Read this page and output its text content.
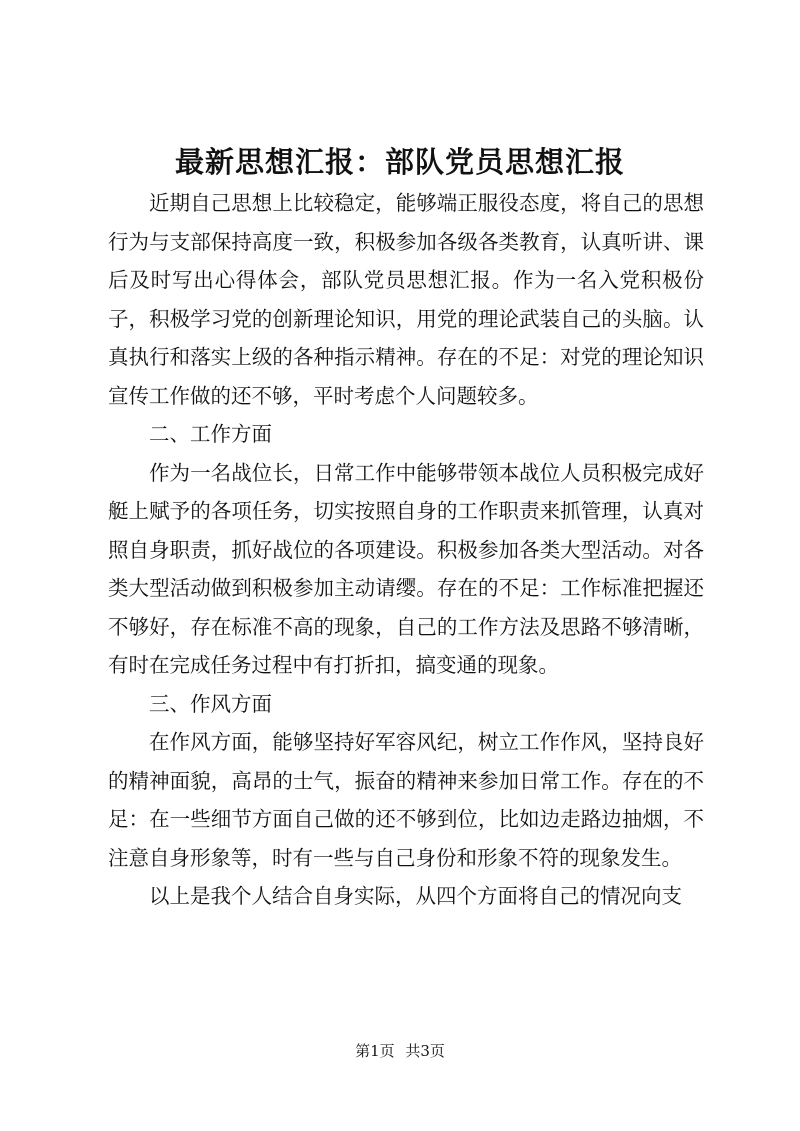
最新思想汇报：部队党员思想汇报

近期自己思想上比较稳定，能够端正服役态度，将自己的思想行为与支部保持高度一致，积极参加各级各类教育，认真听讲、课后及时写出心得体会，部队党员思想汇报。作为一名入党积极份子，积极学习党的创新理论知识，用党的理论武装自己的头脑。认真执行和落实上级的各种指示精神。存在的不足：对党的理论知识宣传工作做的还不够，平时考虑个人问题较多。

二、工作方面

作为一名战位长，日常工作中能够带领本战位人员积极完成好艇上赋予的各项任务，切实按照自身的工作职责来抓管理，认真对照自身职责，抓好战位的各项建设。积极参加各类大型活动。对各类大型活动做到积极参加主动请缨。存在的不足：工作标准把握还不够好，存在标准不高的现象，自己的工作方法及思路不够清晰，有时在完成任务过程中有打折扣，搞变通的现象。

三、作风方面

在作风方面，能够坚持好军容风纪，树立工作作风，坚持良好的精神面貌，高昂的士气，振奋的精神来参加日常工作。存在的不足：在一些细节方面自己做的还不够到位，比如边走路边抽烟，不注意自身形象等，时有一些与自己身份和形象不符的现象发生。

以上是我个人结合自身实际，从四个方面将自己的情况向支

第1页 共3页
